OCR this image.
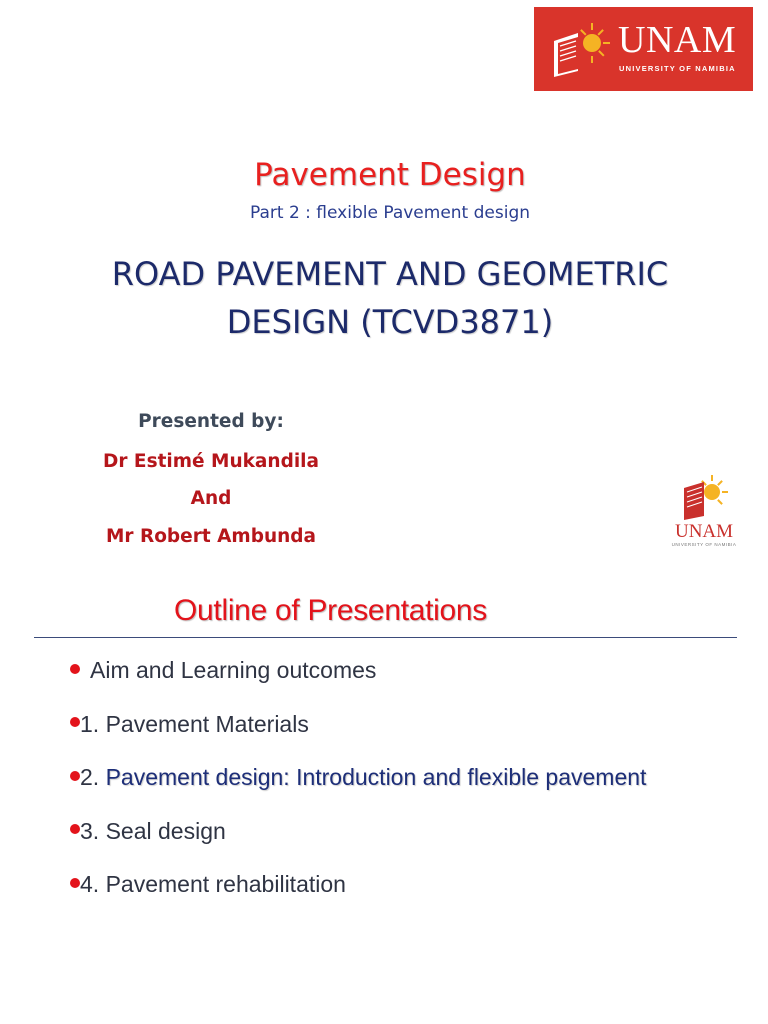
UNAM
UNIVERSITY OF NAMIBIA
Pavement Design
Part 2 : flexible Pavement design
ROAD PAVEMENT AND GEOMETRIC
DESIGN (TCVD3871)
Presented by:
Dr Estimé Mukandila
And
Mr Robert Ambunda	UNAM
UNIVERSITY OF NAMIBIA
Outline of Presentations
Aim and Learning outcomes
1. Pavement Materials
2. Pavement design: Introduction and flexible pavement
3. Seal design
4. Pavement rehabilitation
